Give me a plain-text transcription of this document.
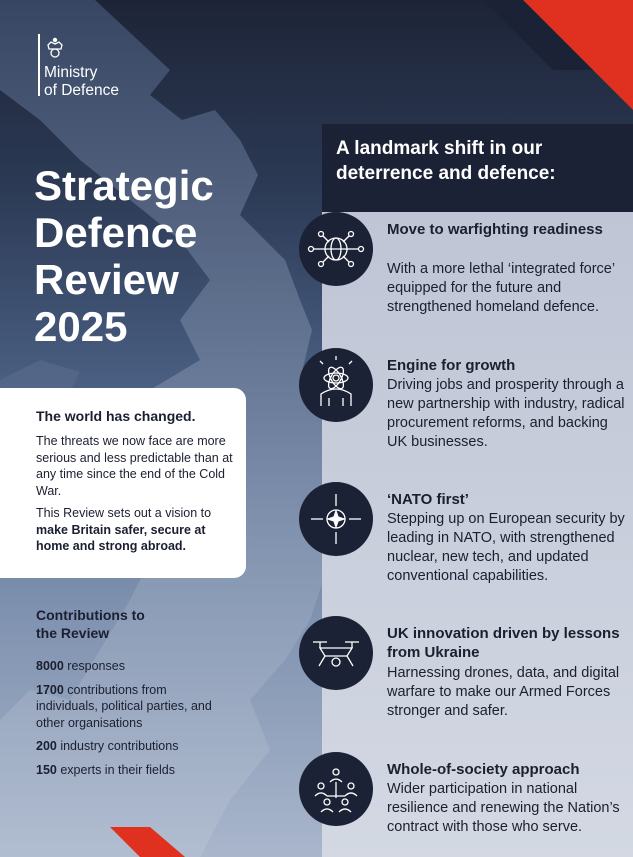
Ministry
of Defence
Strategic
Defence
Review
2025
The world has changed.
The threats we now face are more serious and less predictable than at any time since the end of the Cold War.
This Review sets out a vision to make Britain safer, secure at home and strong abroad.
Contributions to the Review
8000 responses
1700 contributions from individuals, political parties, and other organisations
200 industry contributions
150 experts in their fields
A landmark shift in our deterrence and defence:
Move to warfighting readiness
With a more lethal ‘integrated force’ equipped for the future and strengthened homeland defence.
Engine for growth
Driving jobs and prosperity through a new partnership with industry, radical procurement reforms, and backing UK businesses.
‘NATO first’
Stepping up on European security by leading in NATO, with strengthened nuclear, new tech, and updated conventional capabilities.
UK innovation driven by lessons from Ukraine
Harnessing drones, data, and digital warfare to make our Armed Forces stronger and safer.
Whole-of-society approach
Wider participation in national resilience and renewing the Nation’s contract with those who serve.
